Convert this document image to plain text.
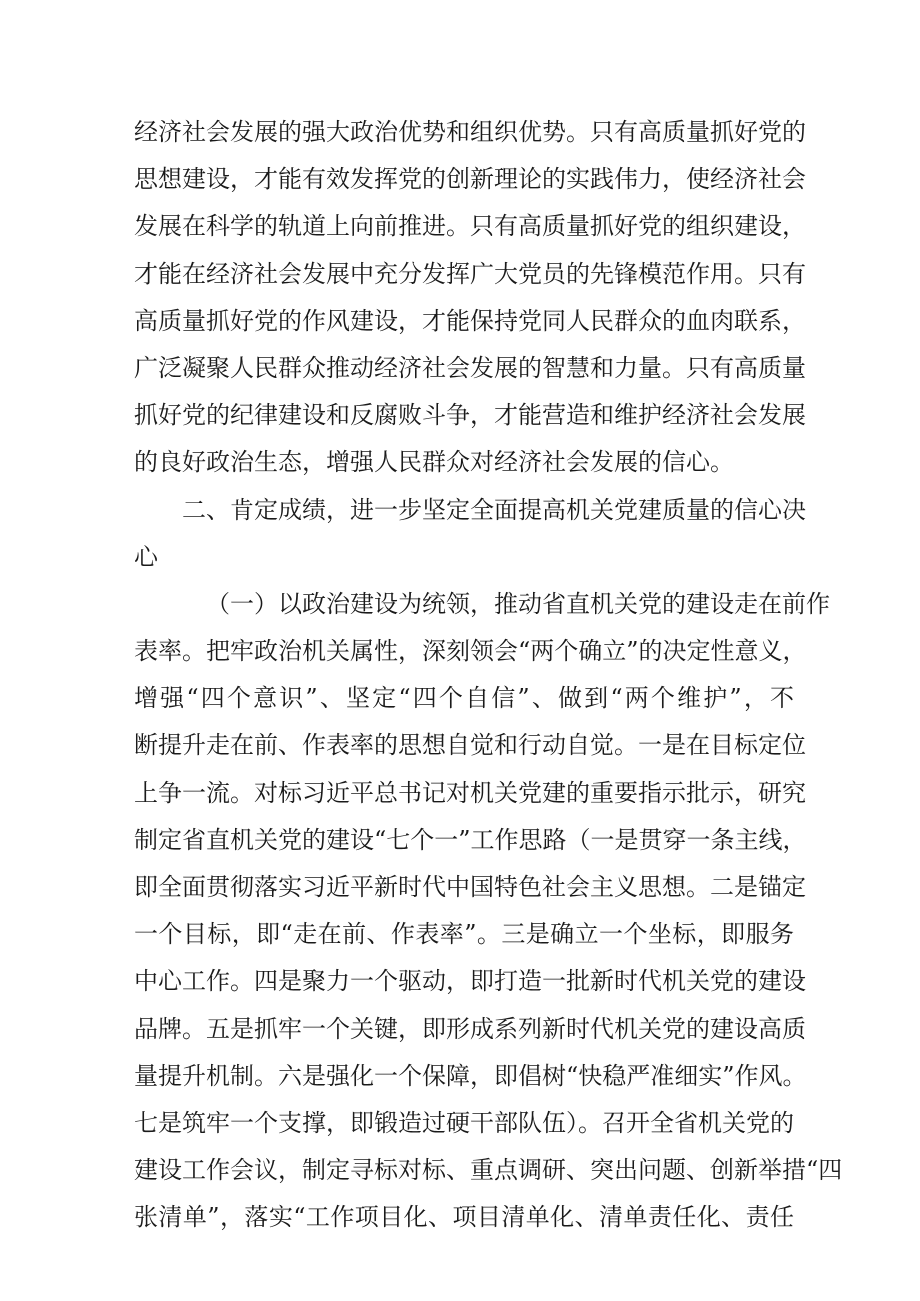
经济社会发展的强大政治优势和组织优势。只有高质量抓好党的
思想建设，才能有效发挥党的创新理论的实践伟力，使经济社会
发展在科学的轨道上向前推进。只有高质量抓好党的组织建设，
才能在经济社会发展中充分发挥广大党员的先锋模范作用。只有
高质量抓好党的作风建设，才能保持党同人民群众的血肉联系，
广泛凝聚人民群众推动经济社会发展的智慧和力量。只有高质量
抓好党的纪律建设和反腐败斗争，才能营造和维护经济社会发展
的良好政治生态，增强人民群众对经济社会发展的信心。
二、肯定成绩，进一步坚定全面提高机关党建质量的信心决
心
（一）以政治建设为统领，推动省直机关党的建设走在前作
表率。把牢政治机关属性，深刻领会“两个确立”的决定性意义，
增强“四个意识”、坚定“四个自信”、做到“两个维护”，不
断提升走在前、作表率的思想自觉和行动自觉。一是在目标定位
上争一流。对标习近平总书记对机关党建的重要指示批示，研究
制定省直机关党的建设“七个一”工作思路（一是贯穿一条主线，
即全面贯彻落实习近平新时代中国特色社会主义思想。二是锚定
一个目标，即“走在前、作表率”。三是确立一个坐标，即服务
中心工作。四是聚力一个驱动，即打造一批新时代机关党的建设
品牌。五是抓牢一个关键，即形成系列新时代机关党的建设高质
量提升机制。六是强化一个保障，即倡树“快稳严准细实”作风。
七是筑牢一个支撑，即锻造过硬干部队伍）。召开全省机关党的
建设工作会议，制定寻标对标、重点调研、突出问题、创新举措“四
张清单”，落实“工作项目化、项目清单化、清单责任化、责任
